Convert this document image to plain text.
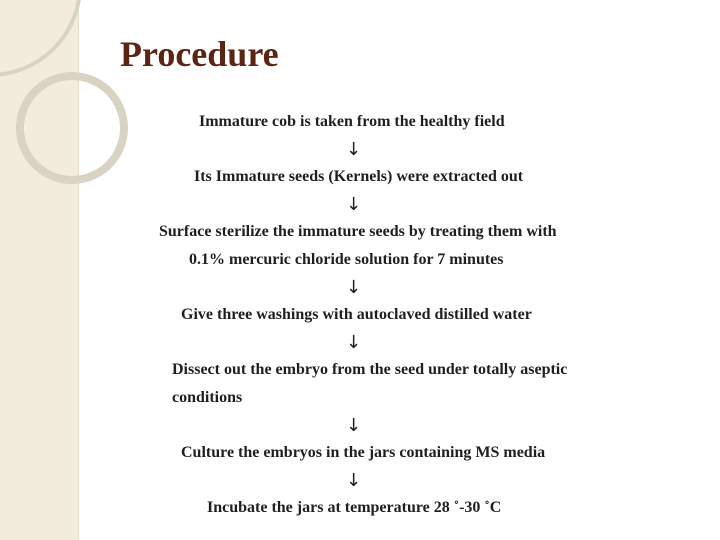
Procedure

Immature cob is taken from the healthy field

↓

Its Immature seeds (Kernels) were extracted out

↓

Surface sterilize the immature seeds by treating them with

0.1% mercuric chloride solution for 7 minutes

↓

Give three washings with autoclaved distilled water

↓

Dissect out the embryo from the seed under totally aseptic

conditions

↓

Culture the embryos in the jars containing MS media

↓

Incubate the jars at temperature 28 ˚-30 ˚C
